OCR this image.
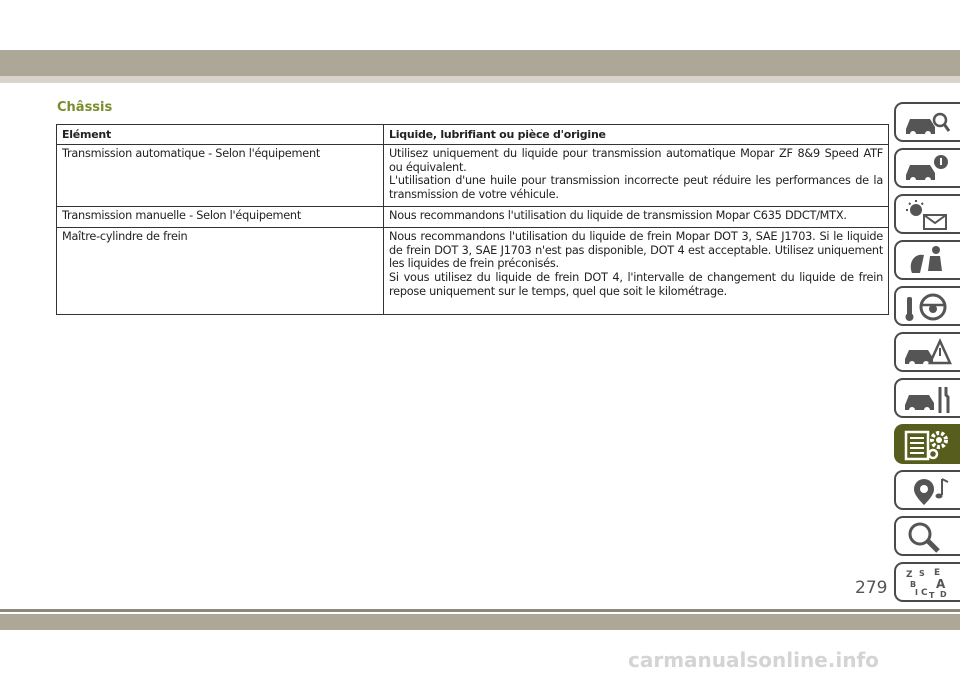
Châssis
Elément	Liquide, lubrifiant ou pièce d'origine
Transmission automatique - Selon l'équipement	Utilisez uniquement du liquide pour transmission automatique Mopar ZF 8&9 Speed ATF ou équivalent.
L'utilisation d'une huile pour transmission incorrecte peut réduire les performances de la transmission de votre véhicule.

Transmission manuelle - Selon l'équipement	Nous recommandons l'utilisation du liquide de transmission Mopar C635 DDCT/MTX.

Maître-cylindre de frein	Nous recommandons l'utilisation du liquide de frein Mopar DOT 3, SAE J1703. Si le liquide de frein DOT 3, SAE J1703 n'est pas disponible, DOT 4 est acceptable. Utilisez uniquement les liquides de frein préconisés.
Si vous utilisez du liquide de frein DOT 4, l'intervalle de changement du liquide de frein repose uniquement sur le temps, quel que soit le kilométrage.
Z S E
B A
I C T D

279

carmanualsonline.info
